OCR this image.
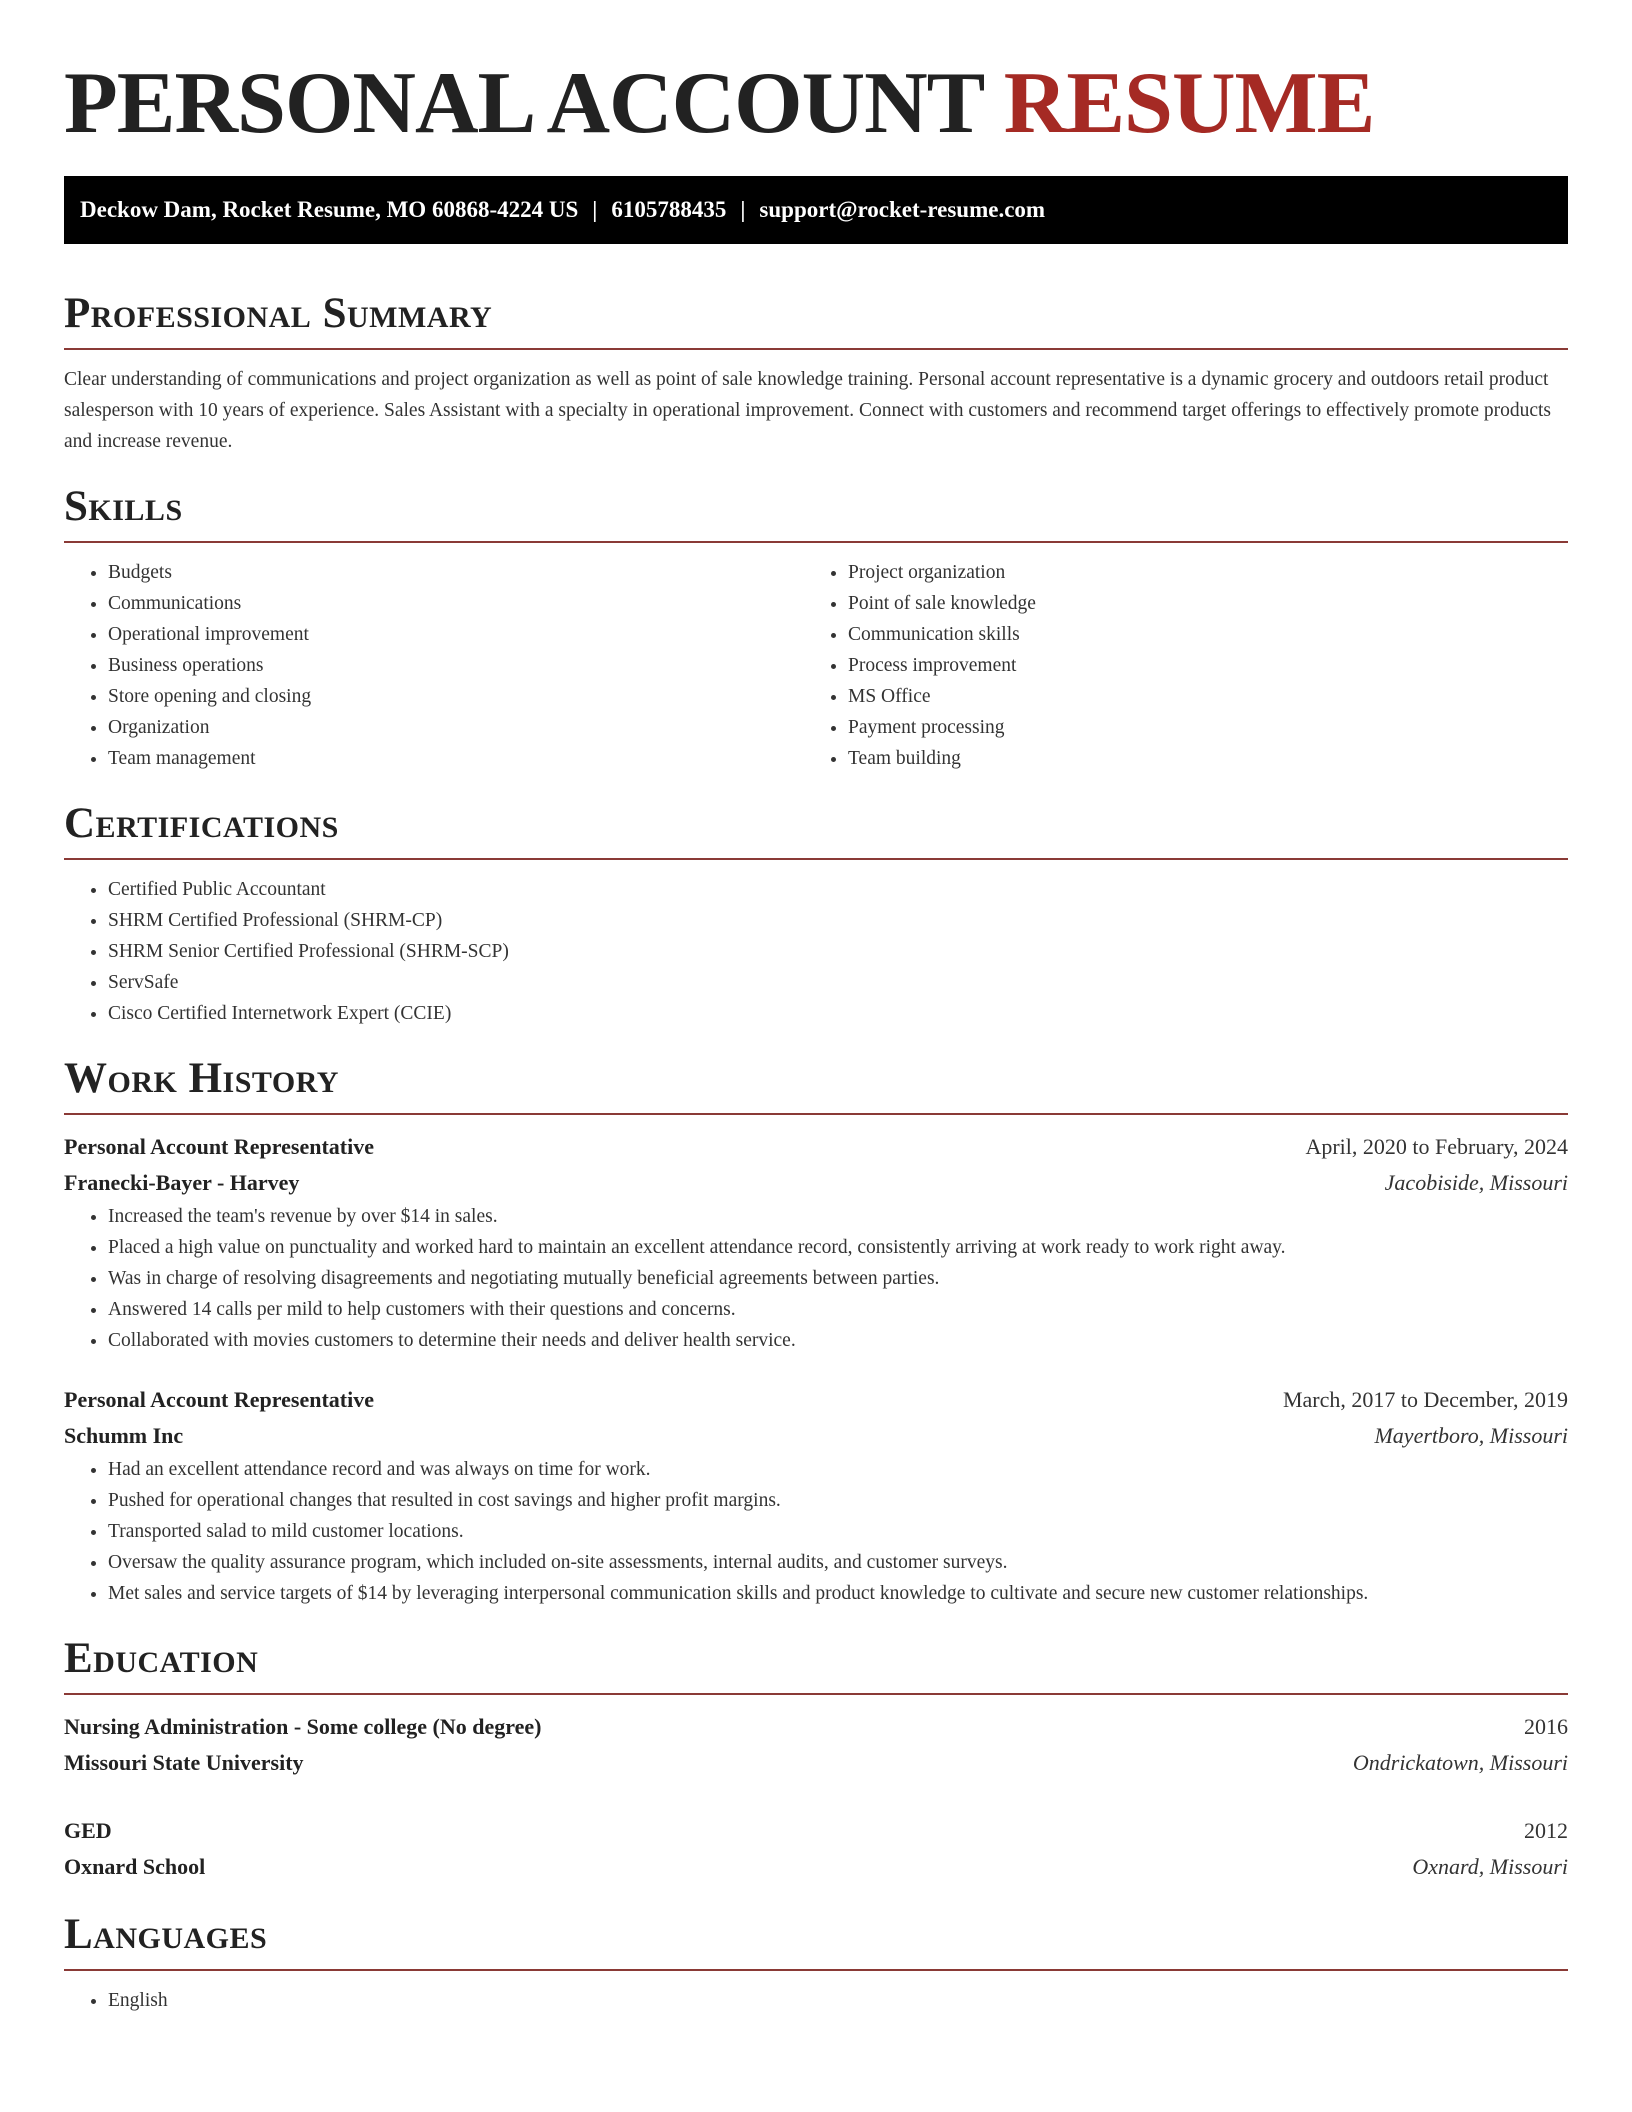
PERSONAL ACCOUNT RESUME
Deckow Dam, Rocket Resume, MO 60868-4224 US | 6105788435 | support@rocket-resume.com
Professional Summary

Clear understanding of communications and project organization as well as point of sale knowledge training. Personal account representative is a dynamic grocery and outdoors retail product salesperson with 10 years of experience. Sales Assistant with a specialty in operational improvement. Connect with customers and recommend target offerings to effectively promote products and increase revenue.

Skills
• Budgets
• Communications
• Operational improvement
• Business operations
• Store opening and closing
• Organization
• Team management
• Project organization
• Point of sale knowledge
• Communication skills
• Process improvement
• MS Office
• Payment processing
• Team building
Certifications
• Certified Public Accountant
• SHRM Certified Professional (SHRM-CP)
• SHRM Senior Certified Professional (SHRM-SCP)
• ServSafe
• Cisco Certified Internetwork Expert (CCIE)
Work History
Personal Account Representative	April, 2020 to February, 2024
Franecki-Bayer - Harvey	Jacobiside, Missouri
• Increased the team's revenue by over $14 in sales.
• Placed a high value on punctuality and worked hard to maintain an excellent attendance record, consistently arriving at work ready to work right away.
• Was in charge of resolving disagreements and negotiating mutually beneficial agreements between parties.
• Answered 14 calls per mild to help customers with their questions and concerns.
• Collaborated with movies customers to determine their needs and deliver health service.
Personal Account Representative	March, 2017 to December, 2019
Schumm Inc	Mayertboro, Missouri
• Had an excellent attendance record and was always on time for work.
• Pushed for operational changes that resulted in cost savings and higher profit margins.
• Transported salad to mild customer locations.
• Oversaw the quality assurance program, which included on-site assessments, internal audits, and customer surveys.
• Met sales and service targets of $14 by leveraging interpersonal communication skills and product knowledge to cultivate and secure new customer relationships.
Education
Nursing Administration - Some college (No degree)	2016
Missouri State University	Ondrickatown, Missouri
GED	2012
Oxnard School	Oxnard, Missouri
Languages
• English
